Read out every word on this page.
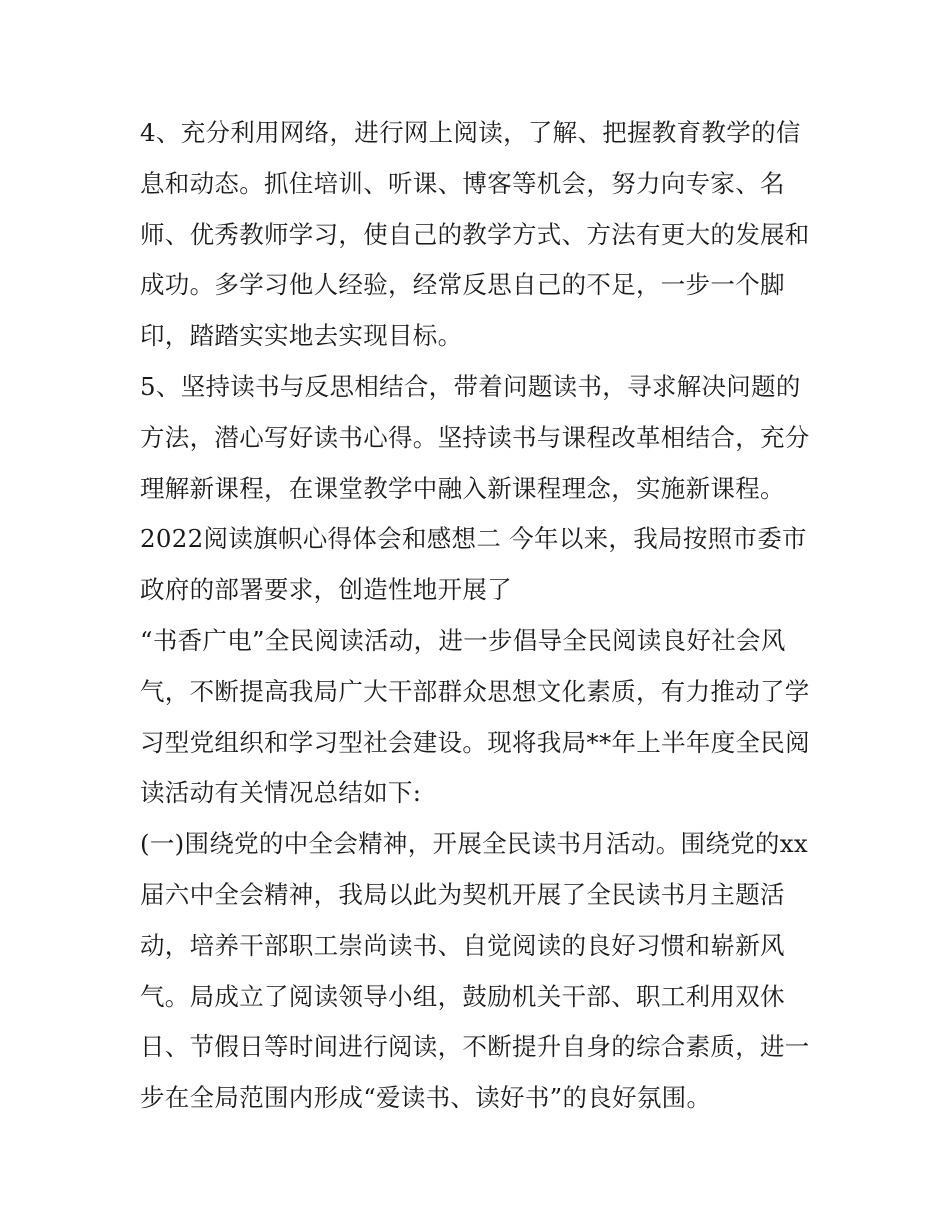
4、充分利用网络，进行网上阅读，了解、把握教育教学的信
息和动态。抓住培训、听课、博客等机会，努力向专家、名
师、优秀教师学习，使自己的教学方式、方法有更大的发展和
成功。多学习他人经验，经常反思自己的不足，一步一个脚
印，踏踏实实地去实现目标。
5、坚持读书与反思相结合，带着问题读书，寻求解决问题的
方法，潜心写好读书心得。坚持读书与课程改革相结合，充分
理解新课程，在课堂教学中融入新课程理念，实施新课程。
2022阅读旗帜心得体会和感想二 今年以来，我局按照市委市
政府的部署要求，创造性地开展了
“书香广电”全民阅读活动，进一步倡导全民阅读良好社会风
气，不断提高我局广大干部群众思想文化素质，有力推动了学
习型党组织和学习型社会建设。现将我局**年上半年度全民阅
读活动有关情况总结如下:
(一)围绕党的中全会精神，开展全民读书月活动。围绕党的xx
届六中全会精神，我局以此为契机开展了全民读书月主题活
动，培养干部职工崇尚读书、自觉阅读的良好习惯和崭新风
气。局成立了阅读领导小组，鼓励机关干部、职工利用双休
日、节假日等时间进行阅读，不断提升自身的综合素质，进一
步在全局范围内形成“爱读书、读好书”的良好氛围。
